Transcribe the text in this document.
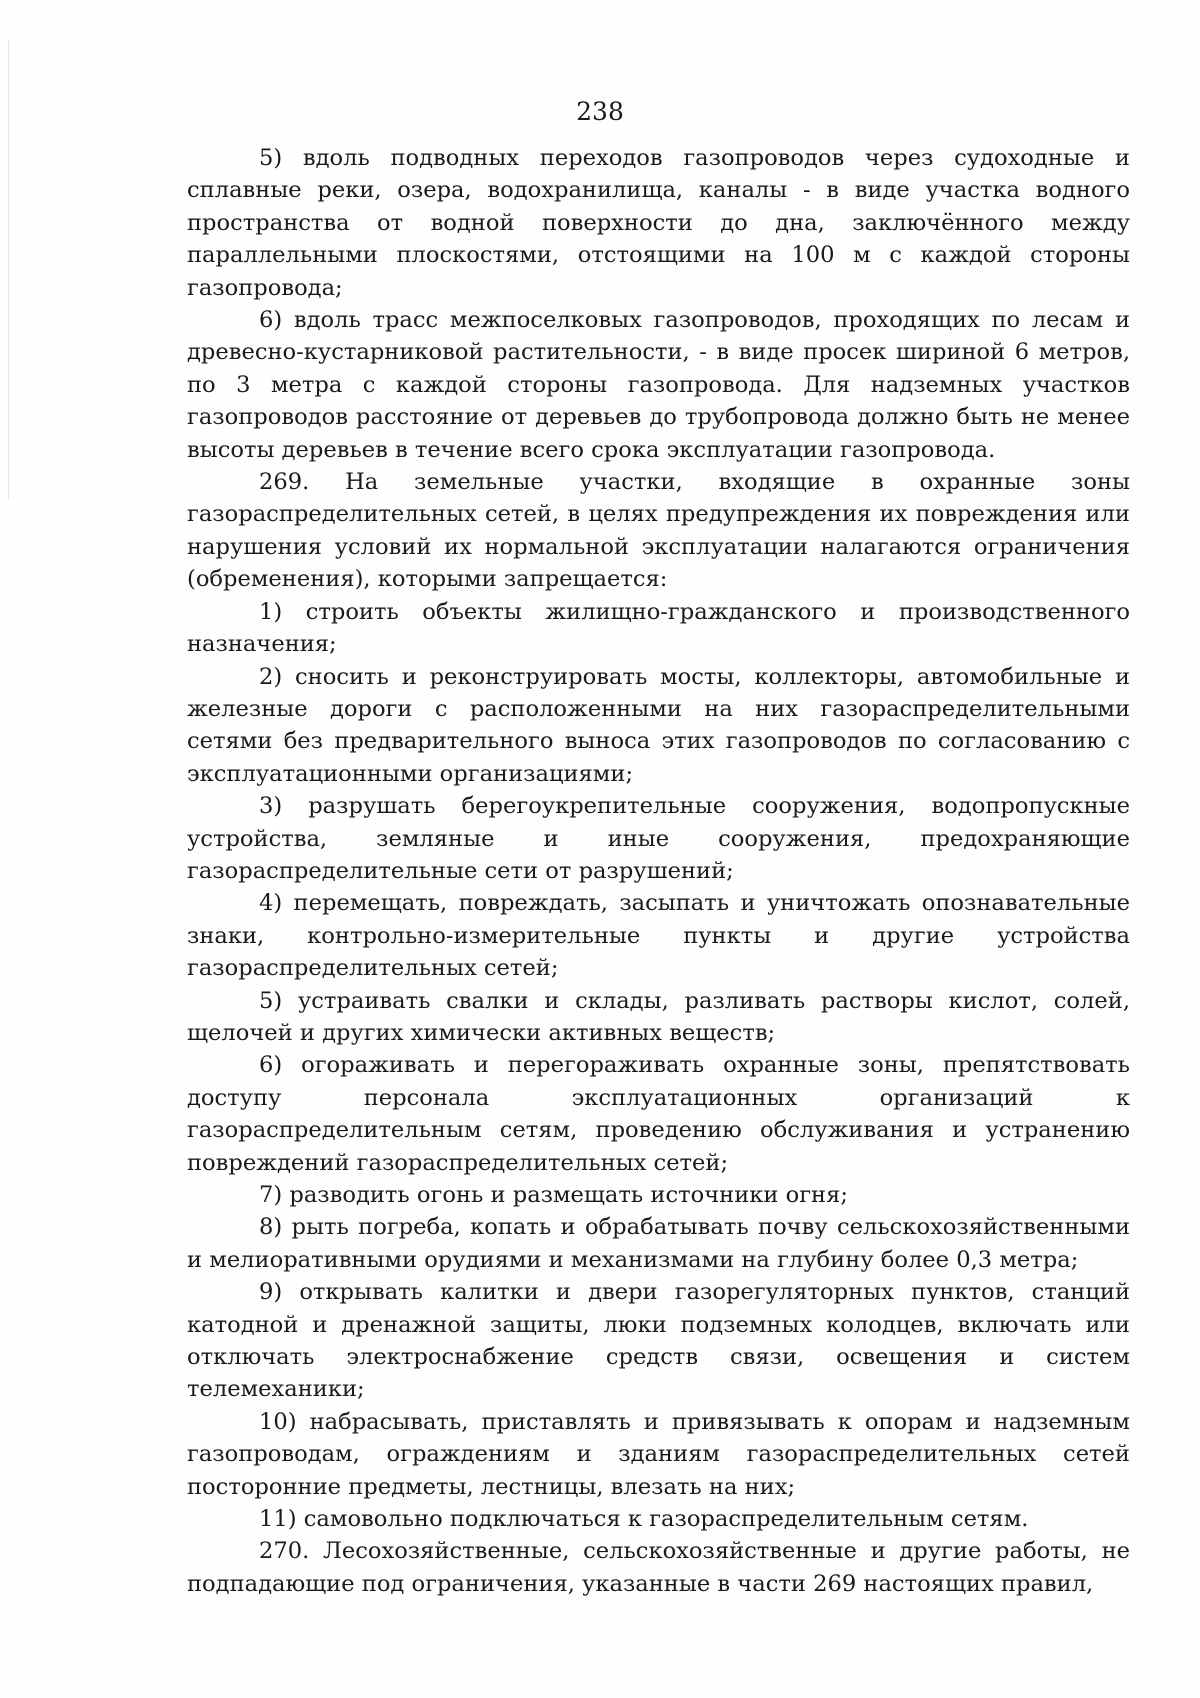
238

5) вдоль подводных переходов газопроводов через судоходные и сплавные реки, озера, водохранилища, каналы - в виде участка водного пространства от водной поверхности до дна, заключённого между параллельными плоскостями, отстоящими на 100 м с каждой стороны газопровода;

6) вдоль трасс межпоселковых газопроводов, проходящих по лесам и древесно-кустарниковой растительности, - в виде просек шириной 6 метров, по 3 метра с каждой стороны газопровода. Для надземных участков газопроводов расстояние от деревьев до трубопровода должно быть не менее высоты деревьев в течение всего срока эксплуатации газопровода.

269. На земельные участки, входящие в охранные зоны газораспределительных сетей, в целях предупреждения их повреждения или нарушения условий их нормальной эксплуатации налагаются ограничения (обременения), которыми запрещается:

1) строить объекты жилищно-гражданского и производственного назначения;

2) сносить и реконструировать мосты, коллекторы, автомобильные и железные дороги с расположенными на них газораспределительными сетями без предварительного выноса этих газопроводов по согласованию с эксплуатационными организациями;

3) разрушать берегоукрепительные сооружения, водопропускные устройства, земляные и иные сооружения, предохраняющие газораспределительные сети от разрушений;

4) перемещать, повреждать, засыпать и уничтожать опознавательные знаки, контрольно-измерительные пункты и другие устройства газораспределительных сетей;

5) устраивать свалки и склады, разливать растворы кислот, солей, щелочей и других химически активных веществ;

6) огораживать и перегораживать охранные зоны, препятствовать доступу персонала эксплуатационных организаций к газораспределительным сетям, проведению обслуживания и устранению повреждений газораспределительных сетей;

7) разводить огонь и размещать источники огня;

8) рыть погреба, копать и обрабатывать почву сельскохозяйственными и мелиоративными орудиями и механизмами на глубину более 0,3 метра;

9) открывать калитки и двери газорегуляторных пунктов, станций катодной и дренажной защиты, люки подземных колодцев, включать или отключать электроснабжение средств связи, освещения и систем телемеханики;

10) набрасывать, приставлять и привязывать к опорам и надземным газопроводам, ограждениям и зданиям газораспределительных сетей посторонние предметы, лестницы, влезать на них;

11) самовольно подключаться к газораспределительным сетям.

270. Лесохозяйственные, сельскохозяйственные и другие работы, не подпадающие под ограничения, указанные в части 269 настоящих правил,
